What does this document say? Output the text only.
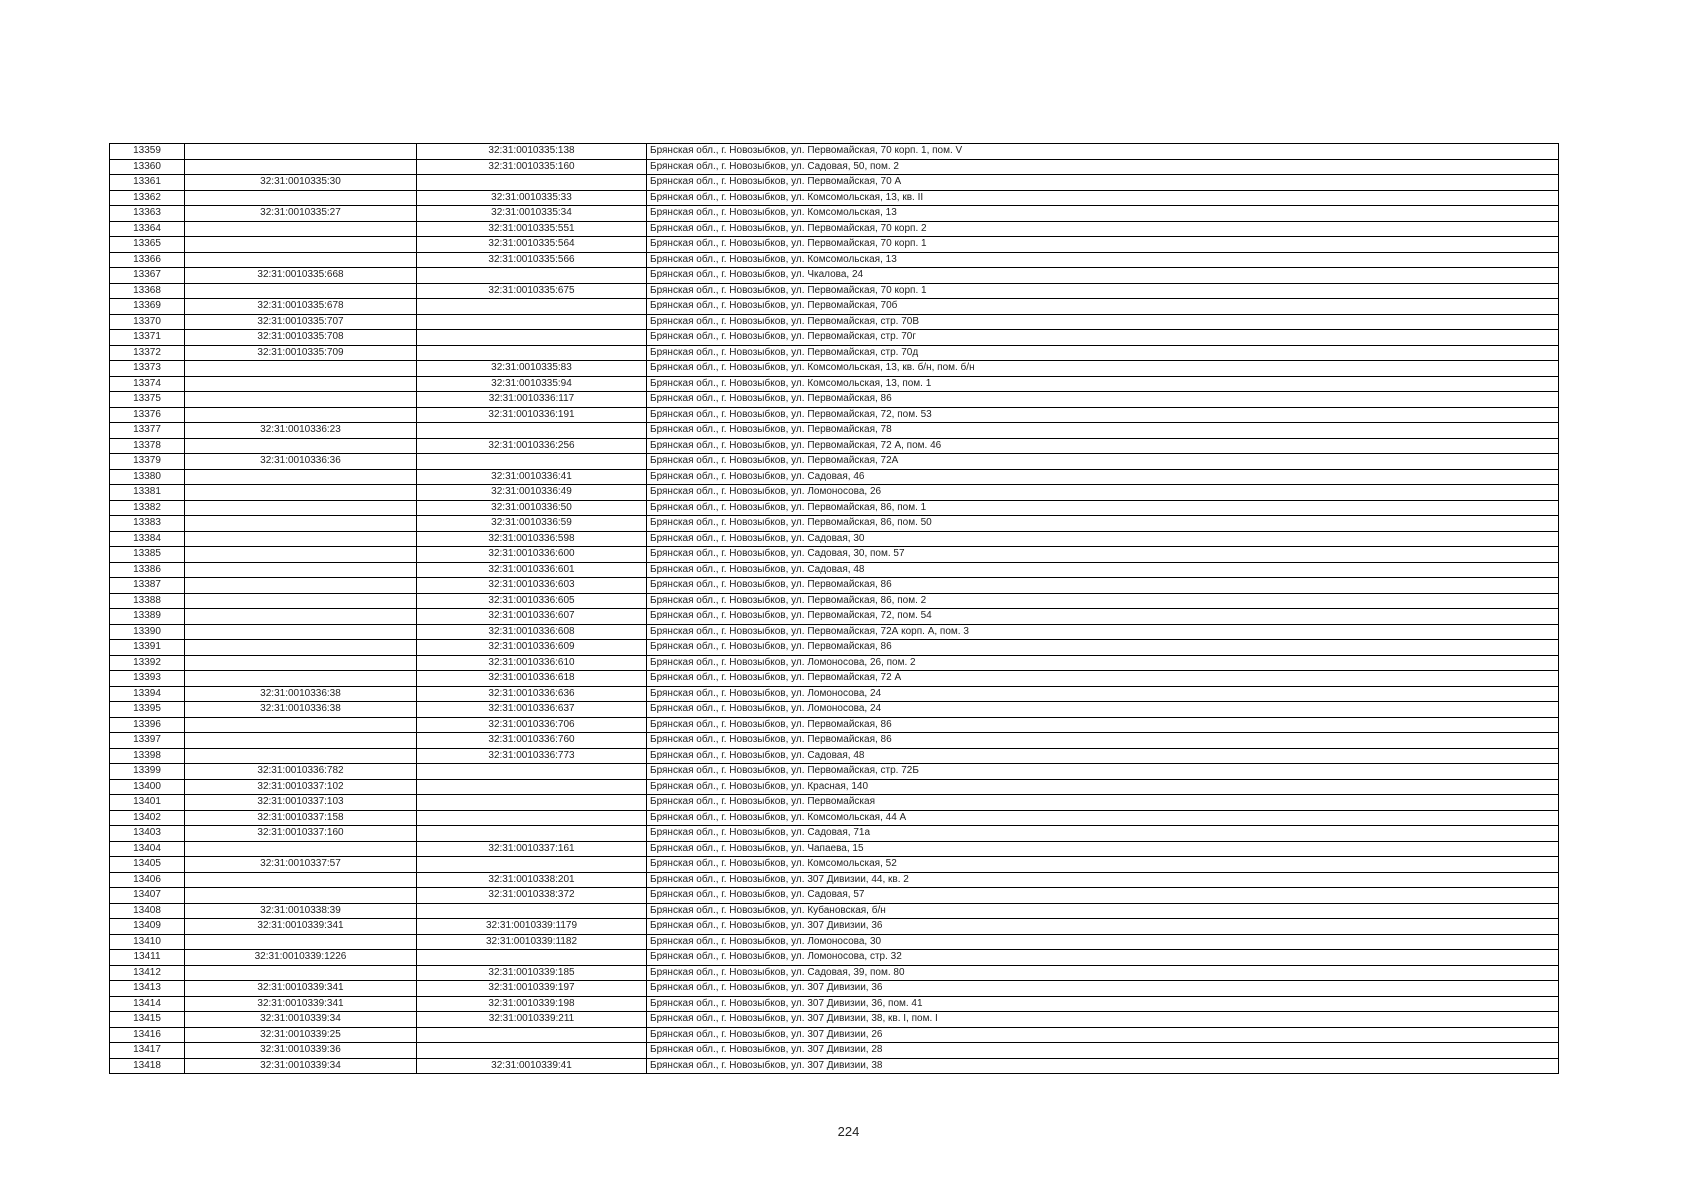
13359		32:31:0010335:138	Брянская обл., г. Новозыбков, ул. Первомайская, 70 корп. 1, пом. V
13360		32:31:0010335:160	Брянская обл., г. Новозыбков, ул. Садовая, 50, пом. 2
13361	32:31:0010335:30		Брянская обл., г. Новозыбков, ул. Первомайская, 70 А
13362		32:31:0010335:33	Брянская обл., г. Новозыбков, ул. Комсомольская, 13, кв. II
13363	32:31:0010335:27	32:31:0010335:34	Брянская обл., г. Новозыбков, ул. Комсомольская, 13
13364		32:31:0010335:551	Брянская обл., г. Новозыбков, ул. Первомайская, 70 корп. 2
13365		32:31:0010335:564	Брянская обл., г. Новозыбков, ул. Первомайская, 70 корп. 1
13366		32:31:0010335:566	Брянская обл., г. Новозыбков, ул. Комсомольская, 13
13367	32:31:0010335:668		Брянская обл., г. Новозыбков, ул. Чкалова, 24
13368		32:31:0010335:675	Брянская обл., г. Новозыбков, ул. Первомайская, 70 корп. 1
13369	32:31:0010335:678		Брянская обл., г. Новозыбков, ул. Первомайская, 70б
13370	32:31:0010335:707		Брянская обл., г. Новозыбков, ул. Первомайская, стр. 70В
13371	32:31:0010335:708		Брянская обл., г. Новозыбков, ул. Первомайская, стр. 70г
13372	32:31:0010335:709		Брянская обл., г. Новозыбков, ул. Первомайская, стр. 70д
13373		32:31:0010335:83	Брянская обл., г. Новозыбков, ул. Комсомольская, 13, кв. б/н, пом. б/н
13374		32:31:0010335:94	Брянская обл., г. Новозыбков, ул. Комсомольская, 13, пом. 1
13375		32:31:0010336:117	Брянская обл., г. Новозыбков, ул. Первомайская, 86
13376		32:31:0010336:191	Брянская обл., г. Новозыбков, ул. Первомайская, 72, пом. 53
13377	32:31:0010336:23		Брянская обл., г. Новозыбков, ул. Первомайская, 78
13378		32:31:0010336:256	Брянская обл., г. Новозыбков, ул. Первомайская, 72 А, пом. 46
13379	32:31:0010336:36		Брянская обл., г. Новозыбков, ул. Первомайская, 72А
13380		32:31:0010336:41	Брянская обл., г. Новозыбков, ул. Садовая, 46
13381		32:31:0010336:49	Брянская обл., г. Новозыбков, ул. Ломоносова, 26
13382		32:31:0010336:50	Брянская обл., г. Новозыбков, ул. Первомайская, 86, пом. 1
13383		32:31:0010336:59	Брянская обл., г. Новозыбков, ул. Первомайская, 86, пом. 50
13384		32:31:0010336:598	Брянская обл., г. Новозыбков, ул. Садовая, 30
13385		32:31:0010336:600	Брянская обл., г. Новозыбков, ул. Садовая, 30, пом. 57
13386		32:31:0010336:601	Брянская обл., г. Новозыбков, ул. Садовая, 48
13387		32:31:0010336:603	Брянская обл., г. Новозыбков, ул. Первомайская, 86
13388		32:31:0010336:605	Брянская обл., г. Новозыбков, ул. Первомайская, 86, пом. 2
13389		32:31:0010336:607	Брянская обл., г. Новозыбков, ул. Первомайская, 72, пом. 54
13390		32:31:0010336:608	Брянская обл., г. Новозыбков, ул. Первомайская, 72А корп. А, пом. 3
13391		32:31:0010336:609	Брянская обл., г. Новозыбков, ул. Первомайская, 86
13392		32:31:0010336:610	Брянская обл., г. Новозыбков, ул. Ломоносова, 26, пом. 2
13393		32:31:0010336:618	Брянская обл., г. Новозыбков, ул. Первомайская, 72 А
13394	32:31:0010336:38	32:31:0010336:636	Брянская обл., г. Новозыбков, ул. Ломоносова, 24
13395	32:31:0010336:38	32:31:0010336:637	Брянская обл., г. Новозыбков, ул. Ломоносова, 24
13396		32:31:0010336:706	Брянская обл., г. Новозыбков, ул. Первомайская, 86
13397		32:31:0010336:760	Брянская обл., г. Новозыбков, ул. Первомайская, 86
13398		32:31:0010336:773	Брянская обл., г. Новозыбков, ул. Садовая, 48
13399	32:31:0010336:782		Брянская обл., г. Новозыбков, ул. Первомайская, стр. 72Б
13400	32:31:0010337:102		Брянская обл., г. Новозыбков, ул. Красная, 140
13401	32:31:0010337:103		Брянская обл., г. Новозыбков, ул. Первомайская
13402	32:31:0010337:158		Брянская обл., г. Новозыбков, ул. Комсомольская, 44 А
13403	32:31:0010337:160		Брянская обл., г. Новозыбков, ул. Садовая, 71а
13404		32:31:0010337:161	Брянская обл., г. Новозыбков, ул. Чапаева, 15
13405	32:31:0010337:57		Брянская обл., г. Новозыбков, ул. Комсомольская, 52
13406		32:31:0010338:201	Брянская обл., г. Новозыбков, ул. 307 Дивизии, 44, кв. 2
13407		32:31:0010338:372	Брянская обл., г. Новозыбков, ул. Садовая, 57
13408	32:31:0010338:39		Брянская обл., г. Новозыбков, ул. Кубановская, б/н
13409	32:31:0010339:341	32:31:0010339:1179	Брянская обл., г. Новозыбков, ул. 307 Дивизии, 36
13410		32:31:0010339:1182	Брянская обл., г. Новозыбков, ул. Ломоносова, 30
13411	32:31:0010339:1226		Брянская обл., г. Новозыбков, ул. Ломоносова, стр. 32
13412		32:31:0010339:185	Брянская обл., г. Новозыбков, ул. Садовая, 39, пом. 80
13413	32:31:0010339:341	32:31:0010339:197	Брянская обл., г. Новозыбков, ул. 307 Дивизии, 36
13414	32:31:0010339:341	32:31:0010339:198	Брянская обл., г. Новозыбков, ул. 307 Дивизии, 36, пом. 41
13415	32:31:0010339:34	32:31:0010339:211	Брянская обл., г. Новозыбков, ул. 307 Дивизии, 38, кв. I, пом. I
13416	32:31:0010339:25		Брянская обл., г. Новозыбков, ул. 307 Дивизии, 26
13417	32:31:0010339:36		Брянская обл., г. Новозыбков, ул. 307 Дивизии, 28
13418	32:31:0010339:34	32:31:0010339:41	Брянская обл., г. Новозыбков, ул. 307 Дивизии, 38
224
